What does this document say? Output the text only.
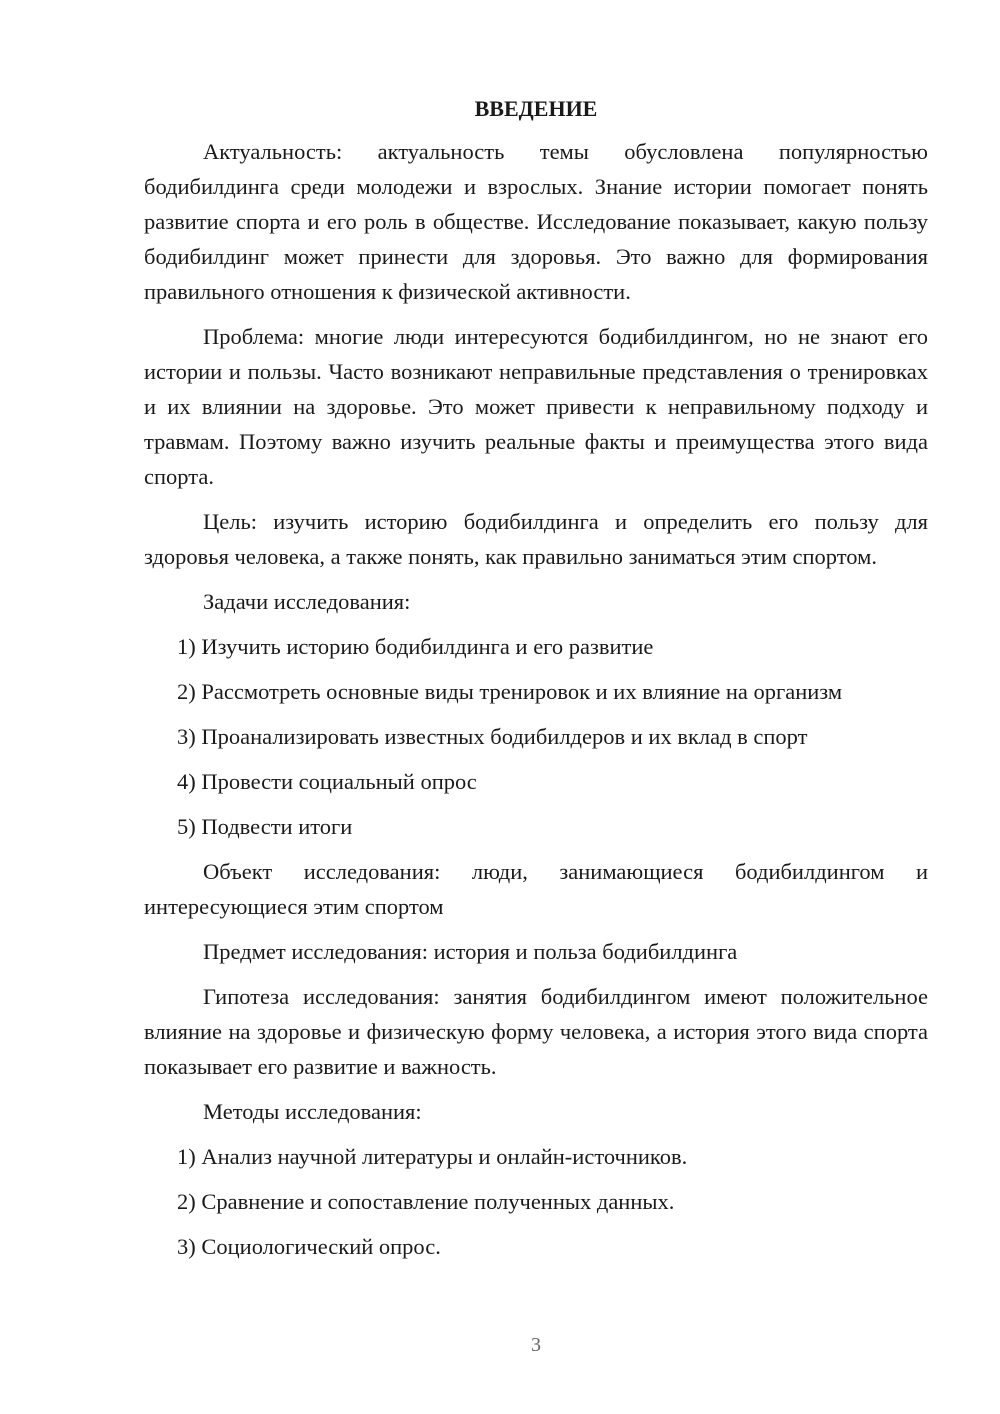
ВВЕДЕНИЕ

Актуальность: актуальность темы обусловлена популярностью бодибилдинга среди молодежи и взрослых. Знание истории помогает понять развитие спорта и его роль в обществе. Исследование показывает, какую пользу бодибилдинг может принести для здоровья. Это важно для формирования правильного отношения к физической активности.

Проблема: многие люди интересуются бодибилдингом, но не знают его истории и пользы. Часто возникают неправильные представления о тренировках и их влиянии на здоровье. Это может привести к неправильному подходу и травмам. Поэтому важно изучить реальные факты и преимущества этого вида спорта.

Цель: изучить историю бодибилдинга и определить его пользу для здоровья человека, а также понять, как правильно заниматься этим спортом.

Задачи исследования:

1) Изучить историю бодибилдинга и его развитие

2) Рассмотреть основные виды тренировок и их влияние на организм

3) Проанализировать известных бодибилдеров и их вклад в спорт

4) Провести социальный опрос

5) Подвести итоги

Объект исследования: люди, занимающиеся бодибилдингом и интересующиеся этим спортом

Предмет исследования: история и польза бодибилдинга

Гипотеза исследования: занятия бодибилдингом имеют положительное влияние на здоровье и физическую форму человека, а история этого вида спорта показывает его развитие и важность.

Методы исследования:

1) Анализ научной литературы и онлайн-источников.

2) Сравнение и сопоставление полученных данных.

3) Социологический опрос.

3
